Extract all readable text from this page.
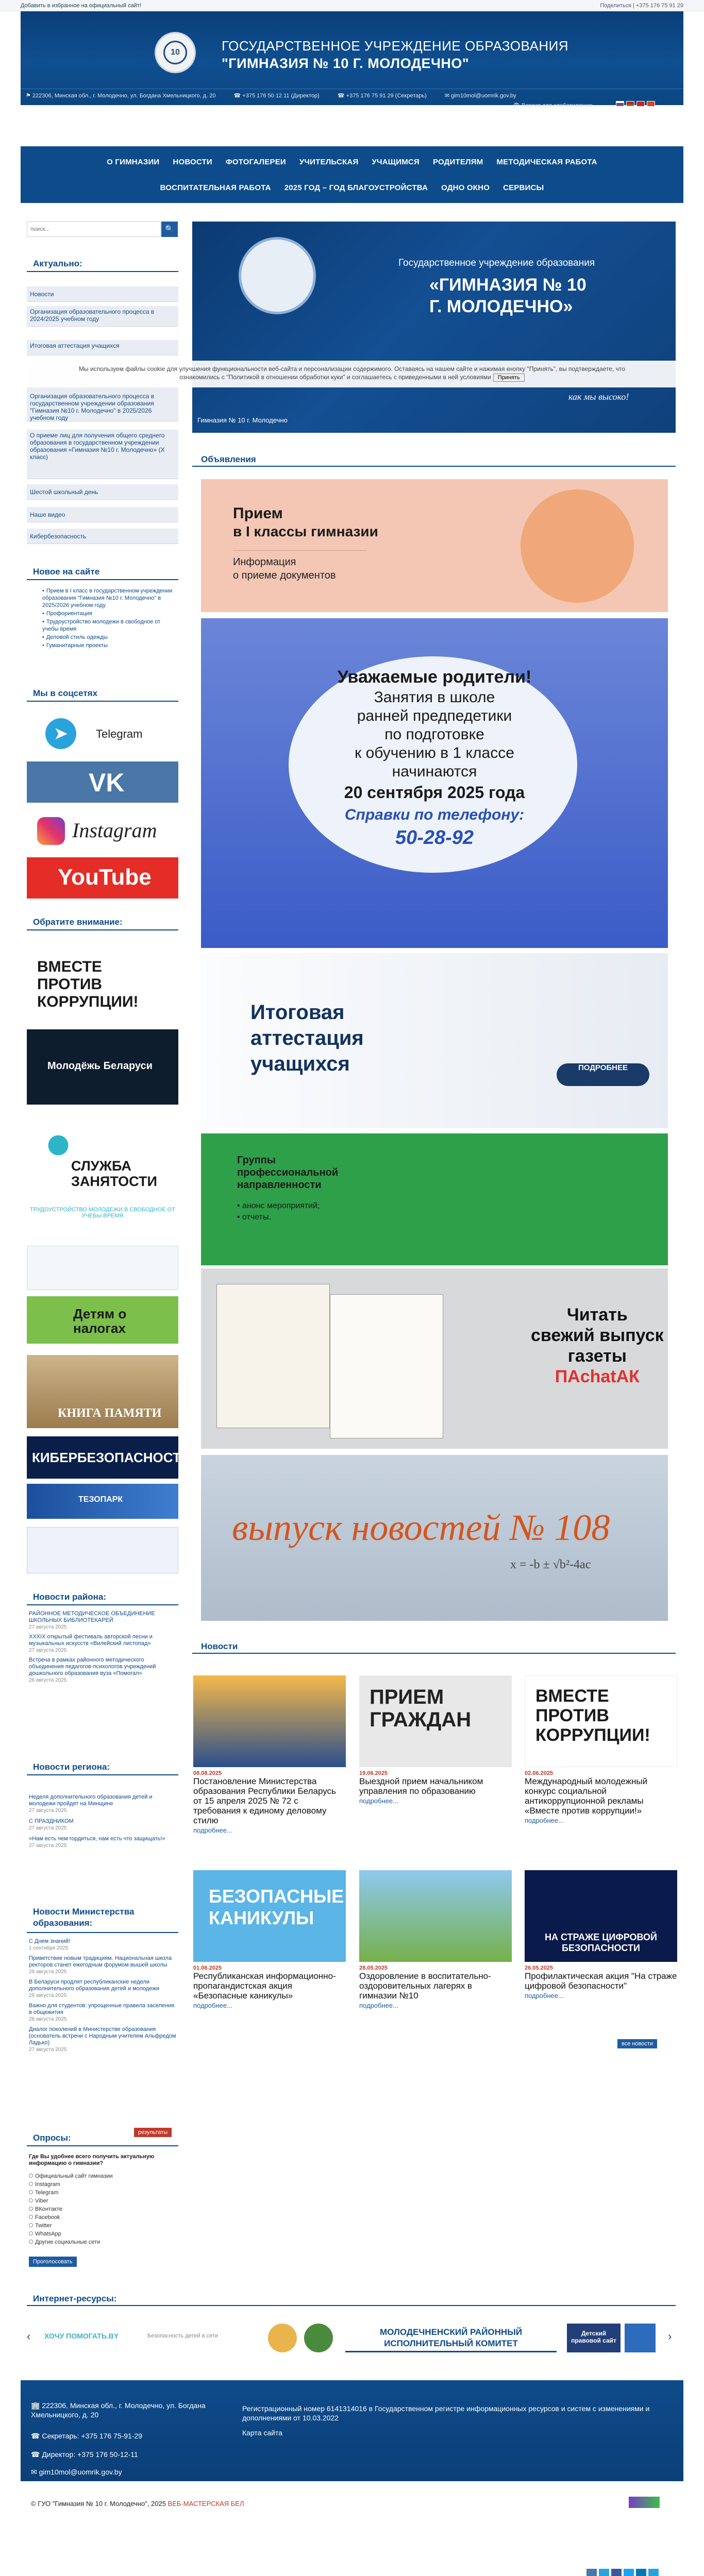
Добавить в избранное на официальный сайт!	Поделиться | +375 176 75 91 29
10	ГОСУДАРСТВЕННОЕ УЧРЕЖДЕНИЕ ОБРАЗОВАНИЯ
"ГИМНАЗИЯ № 10 Г. МОЛОДЕЧНО"
⚑ 222306, Минская обл., г. Молодечно, ул. Богдана Хмельницкого, д. 20	☎ +375 176 50 12 11 (Директор)	☎ +375 176 75 91 29 (Секретарь)	✉ gim10mol@uomrik.gov.by
👁 Версия для слабовидящих
О ГИМНАЗИИ НОВОСТИ ФОТОГАЛЕРЕИ УЧИТЕЛЬСКАЯ УЧАЩИМСЯ РОДИТЕЛЯМ МЕТОДИЧЕСКАЯ РАБОТА
ВОСПИТАТЕЛЬНАЯ РАБОТА 2025 ГОД – ГОД БЛАГОУСТРОЙСТВА ОДНО ОКНО СЕРВИСЫ
поиск...
🔍
Актуально:
Новости
Организация образовательного процесса в 2024/2025 учебном году
Итоговая аттестация учащихся
Организация образовательного процесса в государственном учреждении образования "Гимназия №10 г. Молодечно" в 2025/2026 учебном году
О приеме лиц для получения общего среднего образования в государственном учреждении образования «Гимназия №10 г. Молодечно» (X класс)
Шестой школьный день
Наше видео
Кибербезопасность
Новое на сайте
• Прием в I класс в государственном учреждении образования "Гимназия №10 г. Молодечно" в 2025/2026 учебном году
• Профориентация
• Трудоустройство молодежи в свободное от учебы время
• Деловой стиль одежды
• Гуманитарные проекты
Мы в соцсетях
➤	Telegram
VK
Instagram
YouTube
Обратите внимание:
ВМЕСТЕ ПРОТИВ КОРРУПЦИИ!
Молодёжь Беларуси
СЛУЖБА ЗАНЯТОСТИ
ТРУДОУСТРОЙСТВО МОЛОДЕЖИ В СВОБОДНОЕ ОТ УЧЕБЫ ВРЕМЯ
Детям о налогах
КНИГА ПАМЯТИ
КИБЕРБЕЗОПАСНОСТЬ
ТЕЗОПАРК
Новости района:
РАЙОННОЕ МЕТОДИЧЕСКОЕ ОБЪЕДИНЕНИЕ ШКОЛЬНЫХ БИБЛИОТЕКАРЕЙ
27 августа 2025
XXXIX открытый фестиваль авторской песни и музыкальных искусств «Вилейский листопад»
27 августа 2025
Встреча в рамках районного методического объединения педагогов-психологов учреждений дошкольного образования вуза «Помогал»
26 августа 2025
Новости региона:
Неделя дополнительного образования детей и молодежи пройдет на Минщине
27 августа 2025
С ПРАЗДНИКОМ
27 августа 2025
«Нам есть чем гордиться, нам есть что защищать!»
27 августа 2025
Новости Министерства образования:
С Днем знаний!
1 сентября 2025
Приветствие новым традициям. Национальная школа ректоров станет ежегодным форумом вышей школы
29 августа 2025
В Беларуси продлят республиканские недели дополнительного образования детей и молодежи
29 августа 2025
Важно для студентов: упрощенные правила заселения в общежития
28 августа 2025
Диалог поколений в Министерстве образования (основатель встречи с Народным учителем Альфредом Ладько)
27 августа 2025
Опросы:
результаты
Где Вы удобнее всего получить актуальную информацию о гимназии?
Официальный сайт гимназии
Instagram
Telegram
Viber
ВКонтакте
Facebook
Twitter
WhatsApp
Другие социальные сети
Проголосовать
Государственное учреждение образования
«ГИМНАЗИЯ № 10
Г. МОЛОДЕЧНО»
как мы высоко!
Гимназия № 10 г. Молодечно
Мы используем файлы cookie для улучшения функциональности веб-сайта и персонализации содержимого. Оставаясь на нашем сайте и нажимая кнопку "Принять", вы подтверждаете, что
ознакомились с "Политикой в отношении обработки куки" и соглашаетесь с приведенными в ней условиями Принять
Объявления
Прием
в I классы гимназии
Информация
о приеме документов
Уважаемые родители!
Занятия в школе
ранней предпедетики
по подготовке
к обучению в 1 классе
начинаются
20 сентября 2025 года
Справки по телефону:
50-28-92
Итоговая
аттестация
учащихся	ПОДРОБНЕЕ
Группы
профессиональной
направленности
• анонс мероприятий;
• отчеты.
Читать
свежий выпуск
газеты
ПАchatАК
выпуск новостей № 108
x = -b ± √b²-4ac
Новости
08.08.2025
Постановление Министерства образования Республики Беларусь от 15 апреля 2025 № 72 с требования к единому деловому стилю
подробнее...
ПРИЕМ ГРАЖДАН
19.06.2025
Выездной прием начальником управления по образованию
подробнее...
ВМЕСТЕ ПРОТИВ КОРРУПЦИИ!
02.06.2025
Международный молодежный конкурс социальной антикоррупционной рекламы «Вместе против коррупции!»
подробнее...
БЕЗОПАСНЫЕ КАНИКУЛЫ
01.06.2025
Республиканская информационно-пропагандистская акция «Безопасные каникулы»
подробнее...
28.05.2025
Оздоровление в воспитательно-оздоровительных лагерях в гимназии №10
подробнее...
НА СТРАЖЕ ЦИФРОВОЙ БЕЗОПАСНОСТИ
26.05.2025
Профилактическая акция "На страже цифровой безопасности"
подробнее...
все новости
Интернет-ресурсы:
‹	›
ХОЧУ ПОМОГАТЬ.BY	Безопасность детей в сети	МОЛОДЕЧНЕНСКИЙ РАЙОННЫЙ ИСПОЛНИТЕЛЬНЫЙ КОМИТЕТ
Детский правовой сайт
🏢 222306, Минская обл., г. Молодечно, ул. Богдана Хмельницкого, д. 20
☎ Секретарь: +375 176 75-91-29
☎ Директор: +375 176 50-12-11
✉ gim10mol@uomrik.gov.by
Регистрационный номер 6141314016 в Государственном регистре информационных ресурсов и систем с изменениями и дополнениями от 10.03.2022
Карта сайта
© ГУО "Гимназия № 10 г. Молодечно", 2025 ВЕБ-МАСТЕРСКАЯ БЕЛ
